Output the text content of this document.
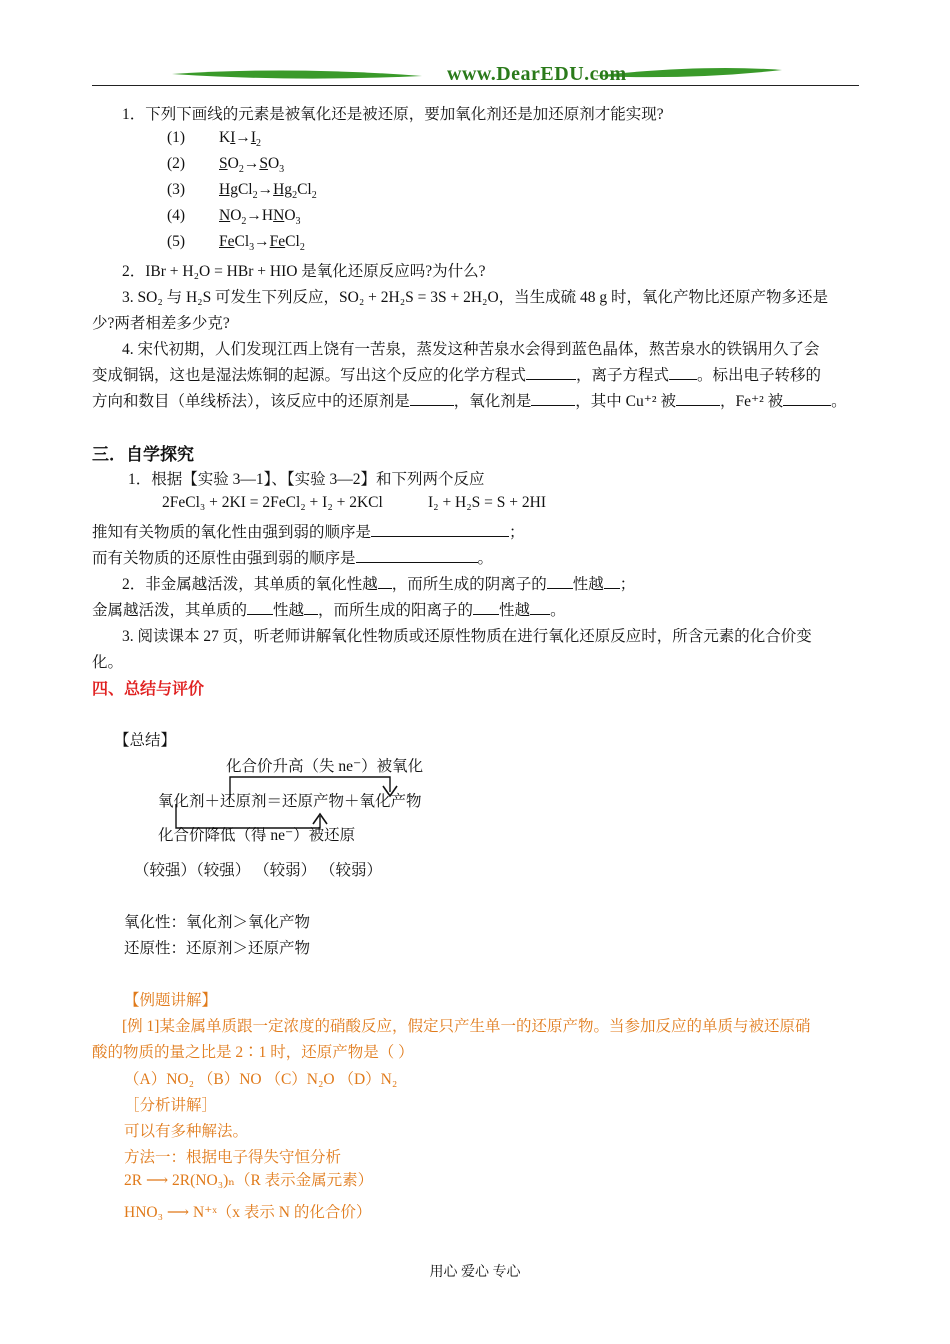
www.DearEDU.com
1．下列下画线的元素是被氧化还是被还原，要加氧化剂还是加还原剂才能实现?
(1) $KI\to I_2$
(2) $SO_2\to SO_3$
(3) $HgCl_2\to Hg_2Cl_2$
(4) $NO_2\to HNO_3$
(5) FeCl$_3$→FeCl$_2$
2．IBr + H₂O = HBr + HIO 是氧化还原反应吗?为什么?
3. SO₂ 与 H₂S 可发生下列反应，SO₂ + 2H₂S = 3S + 2H₂O，当生成硫 48 g 时，氧化产物比还原产物多还是
少?两者相差多少克?
4. 宋代初期，人们发现江西上饶有一苦泉，蒸发这种苦泉水会得到蓝色晶体，熬苦泉水的铁锅用久了会
变成铜锅，这也是湿法炼铜的起源。写出这个反应的化学方程式	，离子方程式 。标出电子转移的
方向和数目（单线桥法），该反应中的还原剂是	，氧化剂是	，其中 Cu⁺² 被	，Fe⁺² 被	。
三．自学探究
1．根据【实验 3—1】、【实验 3—2】和下列两个反应
2FeCl₃ + 2KI = 2FeCl₂ + I₂ + 2KCl	I₂ + H₂S = S + 2HI
推知有关物质的氧化性由强到弱的顺序是	；
而有关物质的还原性由强到弱的顺序是	。
2．非金属越活泼，其单质的氧化性越 ，而所生成的阴离子的 性越 ；
金属越活泼，其单质的 性越 ，而所生成的阳离子的 性越 。
3. 阅读课本 27 页，听老师讲解氧化性物质或还原性物质在进行氧化还原反应时，所含元素的化合价变
化。
四、总结与评价
【总结】
化合价升高（失 ne⁻）被氧化
氧化剂＋还原剂＝还原产物＋氧化产物
化合价降低（得 ne⁻）被还原
（较强）（较强） （较弱） （较弱）
氧化性：氧化剂＞氧化产物
还原性：还原剂＞还原产物
【例题讲解】
[例 1]某金属单质跟一定浓度的硝酸反应，假定只产生单一的还原产物。当参加反应的单质与被还原硝
酸的物质的量之比是 2∶1 时，还原产物是（ ）
（A）NO₂ （B）NO （C）N₂O （D）N₂
［分析讲解］
可以有多种解法。
方法一：根据电子得失守恒分析
2R ⟶ 2R(NO₃)ₙ（R 表示金属元素）
HNO₃ ⟶ N⁺ˣ（x 表示 N 的化合价）
用心 爱心 专心
